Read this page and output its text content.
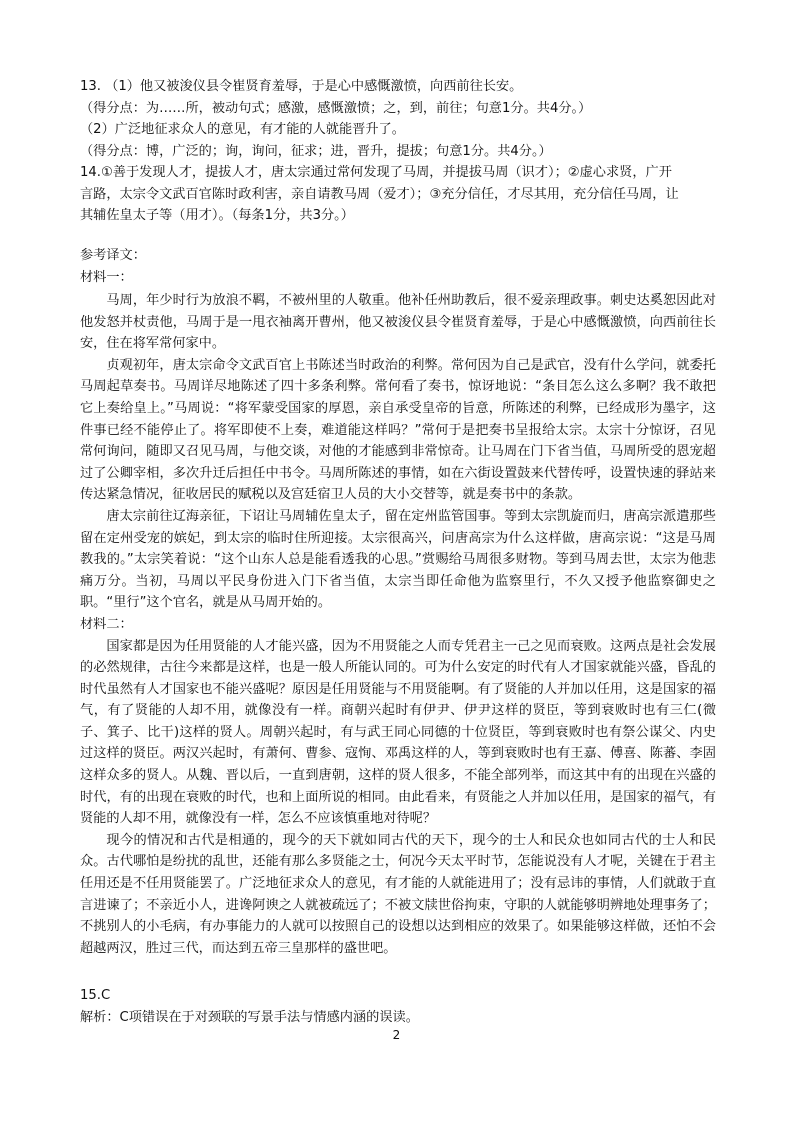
13. （1）他又被浚仪县令崔贤育羞辱，于是心中感慨激愤，向西前往长安。
（得分点：为……所，被动句式；感激，感慨激愤；之，到，前往；句意1分。共4分。）
（2）广泛地征求众人的意见，有才能的人就能晋升了。
（得分点：博，广泛的；询，询问，征求；进，晋升，提拔；句意1分。共4分。）
14.①善于发现人才，提拔人才，唐太宗通过常何发现了马周，并提拔马周（识才）；②虚心求贤，广开
言路，太宗令文武百官陈时政利害，亲自请教马周（爱才）；③充分信任，才尽其用，充分信任马周，让
其辅佐皇太子等（用才）。（每条1分，共3分。）
参考译文：
材料一：

马周，年少时行为放浪不羁，不被州里的人敬重。他补任州助教后，很不爱亲理政事。刺史达奚恕因此对他发怒并杖责他，马周于是一甩衣袖离开曹州，他又被浚仪县令崔贤育羞辱，于是心中感慨激愤，向西前往长安，住在将军常何家中。

贞观初年，唐太宗命令文武百官上书陈述当时政治的利弊。常何因为自己是武官，没有什么学问，就委托马周起草奏书。马周详尽地陈述了四十多条利弊。常何看了奏书，惊讶地说：“条目怎么这么多啊？我不敢把它上奏给皇上。”马周说：“将军蒙受国家的厚恩，亲自承受皇帝的旨意，所陈述的利弊，已经成形为墨字，这件事已经不能停止了。将军即使不上奏，难道能这样吗？”常何于是把奏书呈报给太宗。太宗十分惊讶，召见常何询问，随即又召见马周，与他交谈，对他的才能感到非常惊奇。让马周在门下省当值，马周所受的恩宠超过了公卿宰相，多次升迁后担任中书令。马周所陈述的事情，如在六街设置鼓来代替传呼，设置快速的驿站来传达紧急情况，征收居民的赋税以及宫廷宿卫人员的大小交替等，就是奏书中的条款。

唐太宗前往辽海亲征，下诏让马周辅佐皇太子，留在定州监管国事。等到太宗凯旋而归，唐高宗派遣那些留在定州受宠的嫔妃，到太宗的临时住所迎接。太宗很高兴，问唐高宗为什么这样做，唐高宗说：“这是马周教我的。”太宗笑着说：“这个山东人总是能看透我的心思。”赏赐给马周很多财物。等到马周去世，太宗为他悲痛万分。当初，马周以平民身份进入门下省当值，太宗当即任命他为监察里行，不久又授予他监察御史之职。“里行”这个官名，就是从马周开始的。

材料二：

国家都是因为任用贤能的人才能兴盛，因为不用贤能之人而专凭君主一己之见而衰败。这两点是社会发展的必然规律，古往今来都是这样，也是一般人所能认同的。可为什么安定的时代有人才国家就能兴盛，昏乱的时代虽然有人才国家也不能兴盛呢？原因是任用贤能与不用贤能啊。有了贤能的人并加以任用，这是国家的福气，有了贤能的人却不用，就像没有一样。商朝兴起时有伊尹、伊尹这样的贤臣，等到衰败时也有三仁(微子、箕子、比干)这样的贤人。周朝兴起时，有与武王同心同德的十位贤臣，等到衰败时也有祭公谋父、内史过这样的贤臣。两汉兴起时，有萧何、曹参、寇恂、邓禹这样的人，等到衰败时也有王嘉、傅喜、陈蕃、李固这样众多的贤人。从魏、晋以后，一直到唐朝，这样的贤人很多，不能全部列举，而这其中有的出现在兴盛的时代，有的出现在衰败的时代，也和上面所说的相同。由此看来，有贤能之人并加以任用，是国家的福气，有贤能的人却不用，就像没有一样，怎么不应该慎重地对待呢？

现今的情况和古代是相通的，现今的天下就如同古代的天下，现今的士人和民众也如同古代的士人和民众。古代哪怕是纷扰的乱世，还能有那么多贤能之士，何况今天太平时节，怎能说没有人才呢，关键在于君主任用还是不任用贤能罢了。广泛地征求众人的意见，有才能的人就能进用了；没有忌讳的事情，人们就敢于直言进谏了；不亲近小人，进谗阿谀之人就被疏远了；不被文牍世俗拘束，守职的人就能够明辨地处理事务了；不挑别人的小毛病，有办事能力的人就可以按照自己的设想以达到相应的效果了。如果能够这样做，还怕不会超越两汉，胜过三代，而达到五帝三皇那样的盛世吧。

15.C
解析：C项错误在于对颈联的写景手法与情感内涵的误读。
2
